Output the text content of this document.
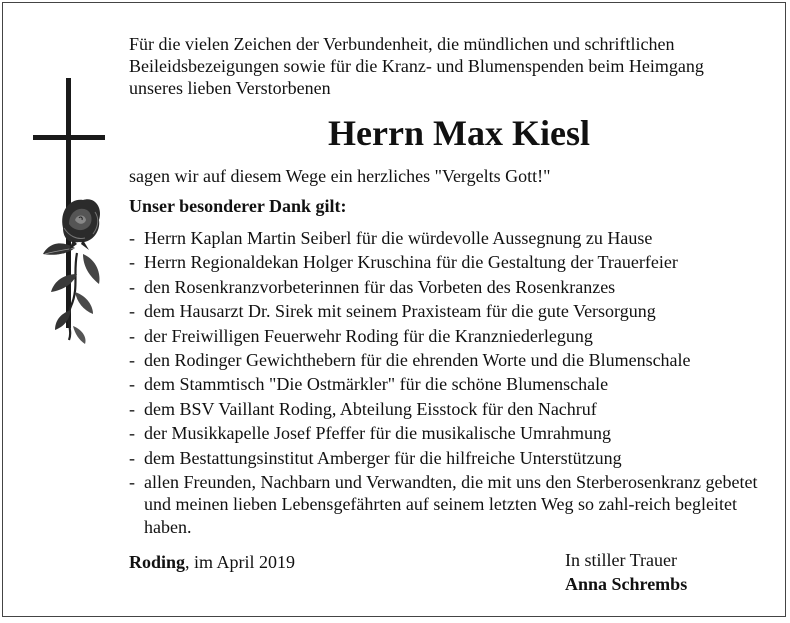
Für die vielen Zeichen der Verbundenheit, die mündlichen und schriftlichen

Beileidsbezeigungen sowie für die Kranz- und Blumenspenden beim Heimgang

unseres lieben Verstorbenen

Herrn Max Kiesl

sagen wir auf diesem Wege ein herzliches "Vergelts Gott!"

Unser besonderer Dank gilt:

- Herrn Kaplan Martin Seiberl für die würdevolle Aussegnung zu Hause
- Herrn Regionaldekan Holger Kruschina für die Gestaltung der Trauerfeier
- den Rosenkranzvorbeterinnen für das Vorbeten des Rosenkranzes
- dem Hausarzt Dr. Sirek mit seinem Praxisteam für die gute Versorgung
- der Freiwilligen Feuerwehr Roding für die Kranzniederlegung
- den Rodinger Gewichthebern für die ehrenden Worte und die Blumenschale
- dem Stammtisch "Die Ostmärkler" für die schöne Blumenschale
- dem BSV Vaillant Roding, Abteilung Eisstock für den Nachruf
- der Musikkapelle Josef Pfeffer für die musikalische Umrahmung
- dem Bestattungsinstitut Amberger für die hilfreiche Unterstützung
- allen Freunden, Nachbarn und Verwandten, die mit uns den Sterberosenkranz gebetet und meinen lieben Lebensgefährten auf seinem letzten Weg so zahl-reich begleitet haben.
Roding, im April 2019	In stiller Trauer
Anna Schrembs
